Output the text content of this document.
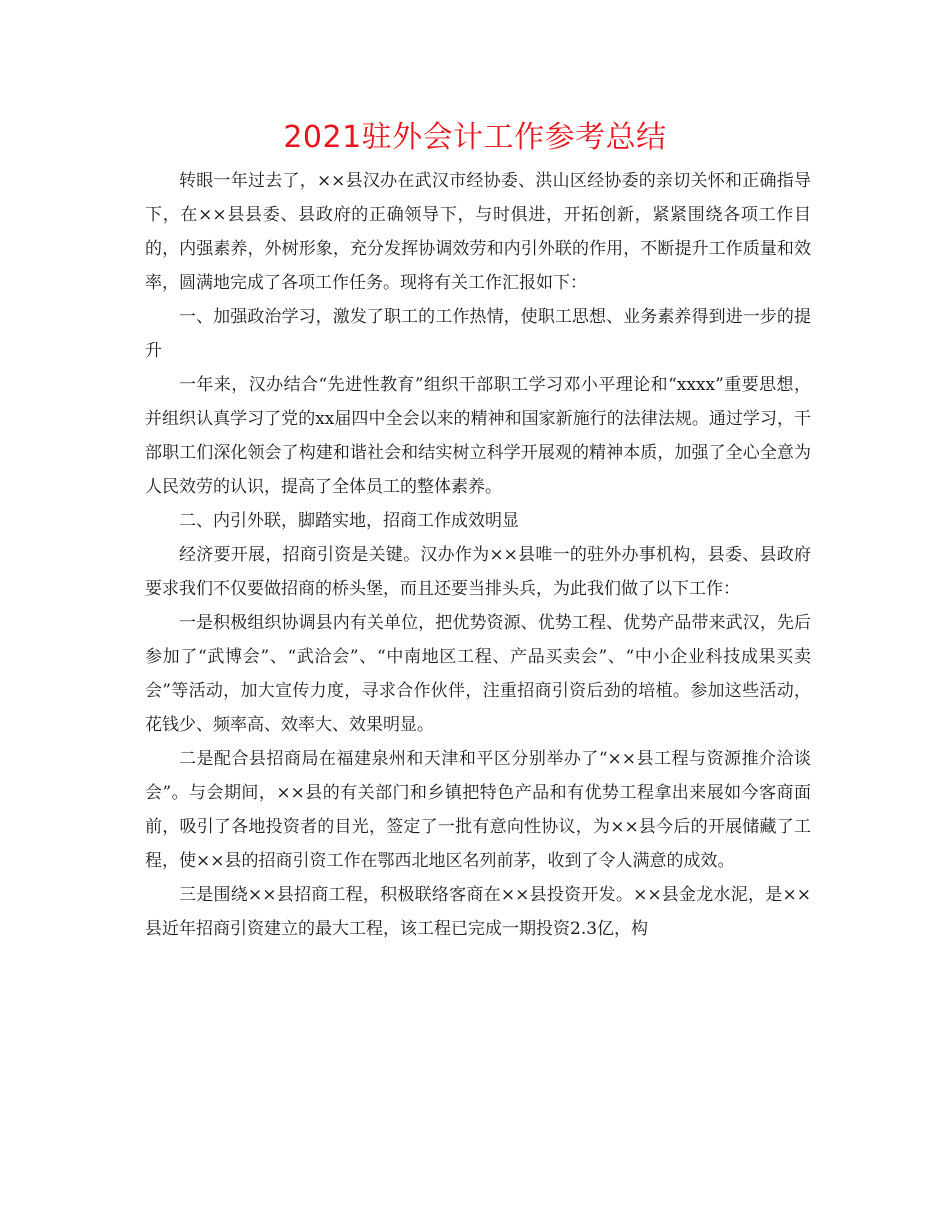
2021驻外会计工作参考总结

转眼一年过去了，××县汉办在武汉市经协委、洪山区经协委的亲切关怀和正确指导下，在××县县委、县政府的正确领导下，与时俱进，开拓创新，紧紧围绕各项工作目的，内强素养，外树形象，充分发挥协调效劳和内引外联的作用，不断提升工作质量和效率，圆满地完成了各项工作任务。现将有关工作汇报如下：

一、加强政治学习，激发了职工的工作热情，使职工思想、业务素养得到进一步的提升

一年来，汉办结合“先进性教育”组织干部职工学习邓小平理论和“xxxx”重要思想，并组织认真学习了党的xx届四中全会以来的精神和国家新施行的法律法规。通过学习，干部职工们深化领会了构建和谐社会和结实树立科学开展观的精神本质，加强了全心全意为人民效劳的认识，提高了全体员工的整体素养。

二、内引外联，脚踏实地，招商工作成效明显

经济要开展，招商引资是关键。汉办作为××县唯一的驻外办事机构，县委、县政府要求我们不仅要做招商的桥头堡，而且还要当排头兵，为此我们做了以下工作：

一是积极组织协调县内有关单位，把优势资源、优势工程、优势产品带来武汉，先后参加了“武博会”、“武洽会”、“中南地区工程、产品买卖会”、“中小企业科技成果买卖会”等活动，加大宣传力度，寻求合作伙伴，注重招商引资后劲的培植。参加这些活动，花钱少、频率高、效率大、效果明显。

二是配合县招商局在福建泉州和天津和平区分别举办了“××县工程与资源推介洽谈会”。与会期间，××县的有关部门和乡镇把特色产品和有优势工程拿出来展如今客商面前，吸引了各地投资者的目光，签定了一批有意向性协议，为××县今后的开展储藏了工程，使××县的招商引资工作在鄂西北地区名列前茅，收到了令人满意的成效。

三是围绕××县招商工程，积极联络客商在××县投资开发。××县金龙水泥，是××县近年招商引资建立的最大工程，该工程已完成一期投资2.3亿，构
